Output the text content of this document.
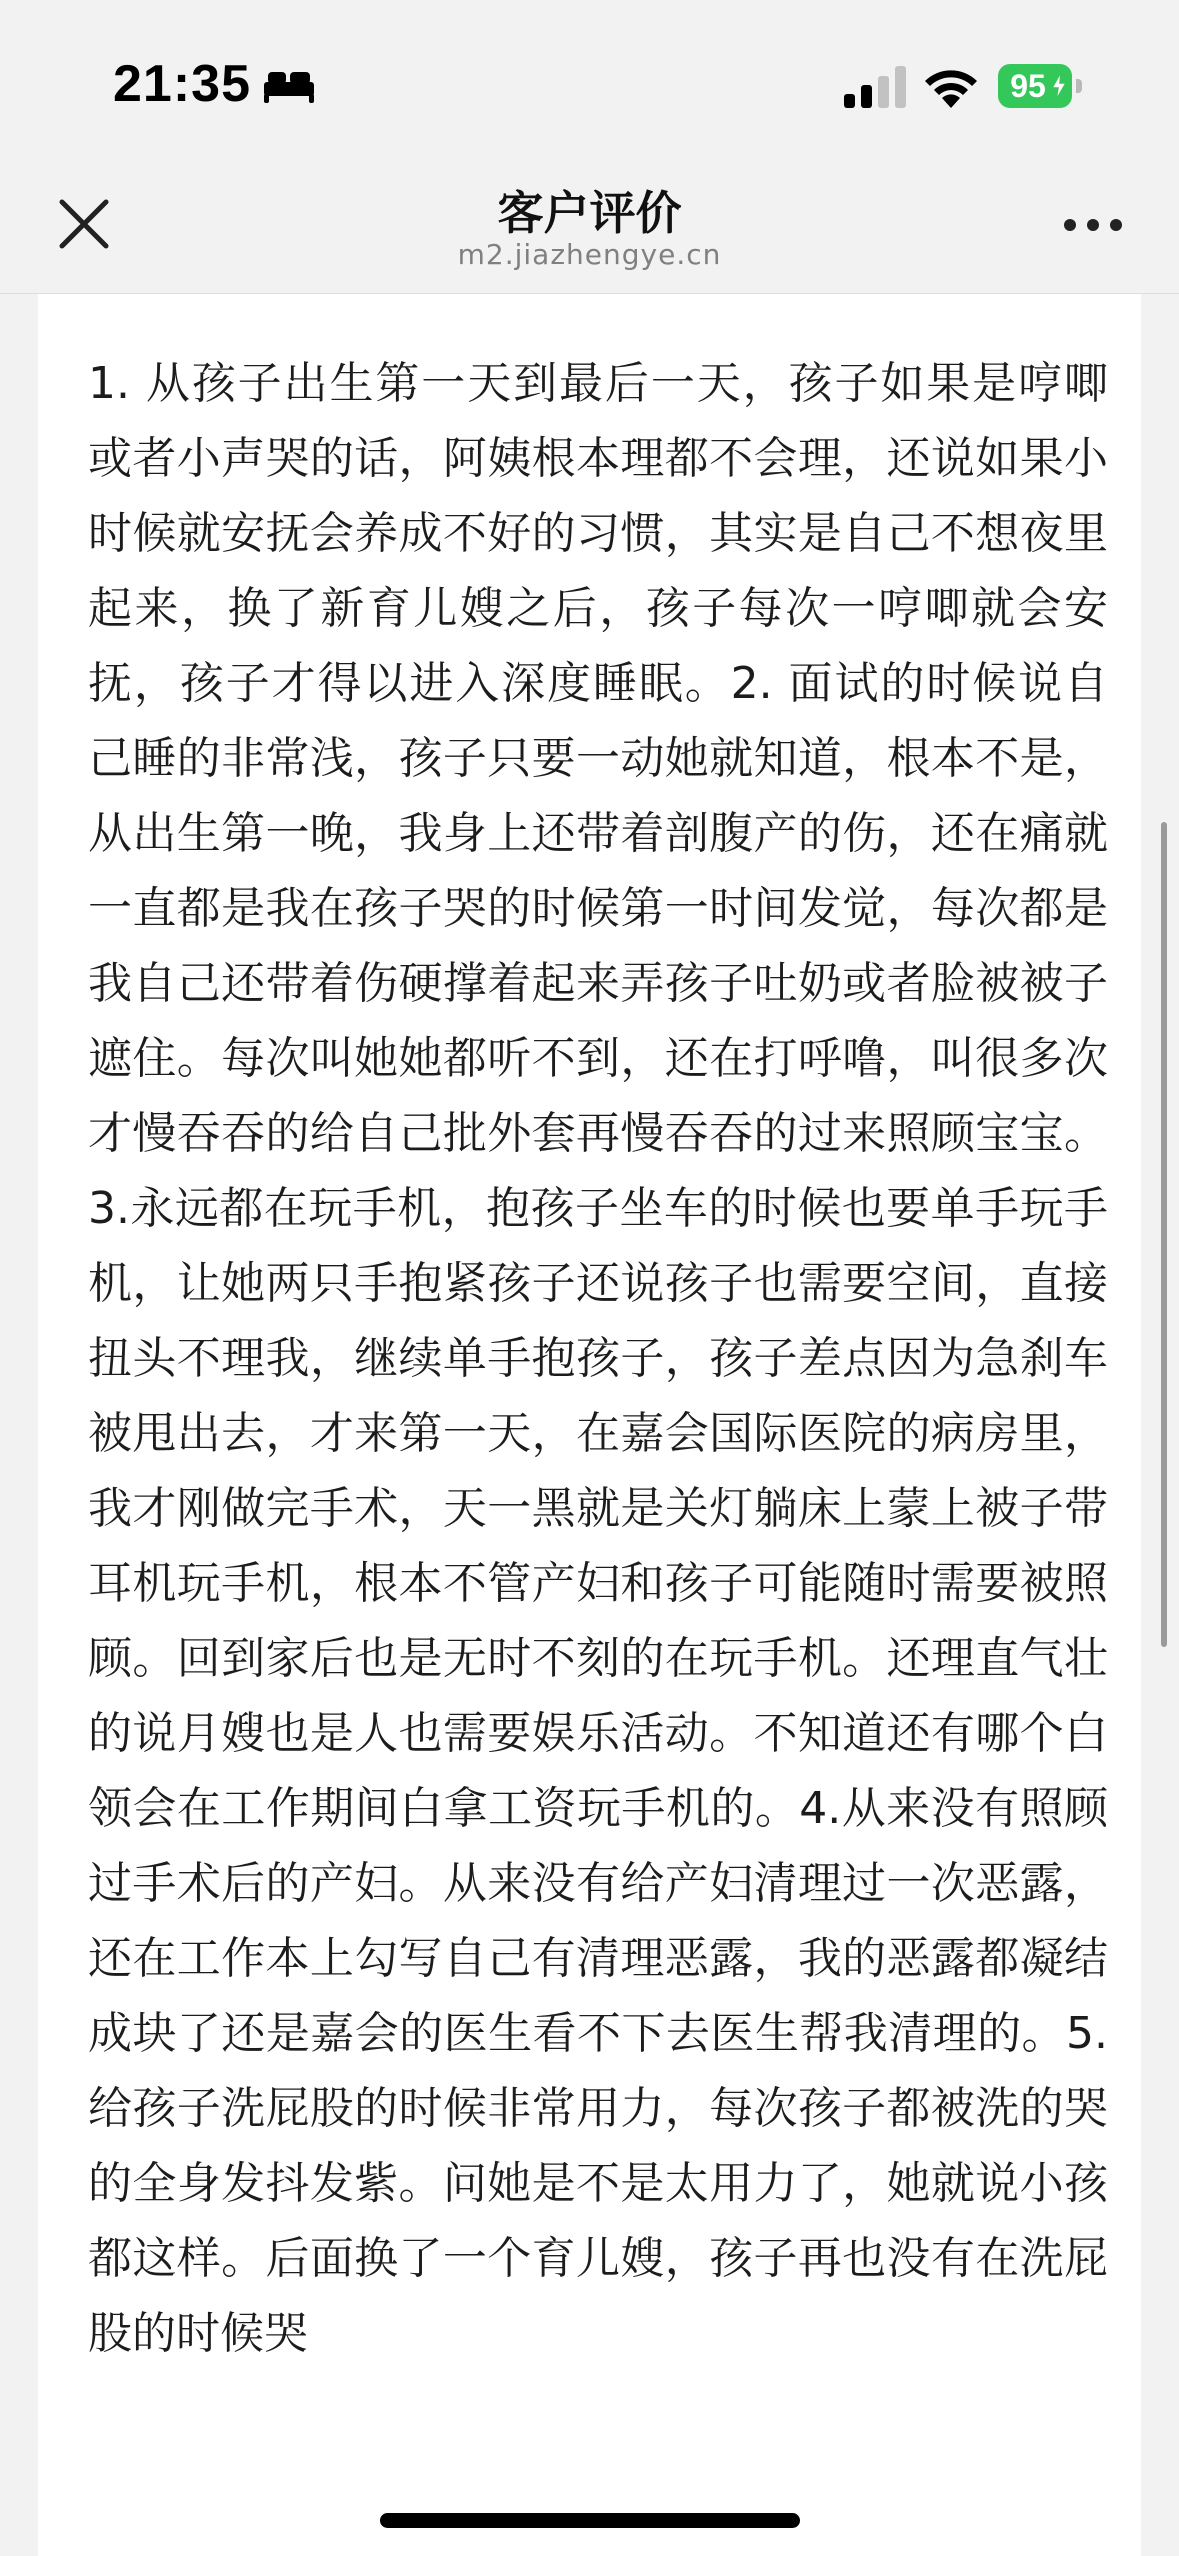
21:35	95
客户评价
m2.jiazhengye.cn

1. 从孩子出生第一天到最后一天，孩子如果是哼唧或者小声哭的话，阿姨根本理都不会理，还说如果小时候就安抚会养成不好的习惯，其实是自己不想夜里起来，换了新育儿嫂之后，孩子每次一哼唧就会安抚，孩子才得以进入深度睡眠。2. 面试的时候说自己睡的非常浅，孩子只要一动她就知道，根本不是，从出生第一晚，我身上还带着剖腹产的伤，还在痛就一直都是我在孩子哭的时候第一时间发觉，每次都是我自己还带着伤硬撑着起来弄孩子吐奶或者脸被被子遮住。每次叫她她都听不到，还在打呼噜，叫很多次才慢吞吞的给自己批外套再慢吞吞的过来照顾宝宝。3.永远都在玩手机，抱孩子坐车的时候也要单手玩手机，让她两只手抱紧孩子还说孩子也需要空间，直接扭头不理我，继续单手抱孩子，孩子差点因为急刹车被甩出去，才来第一天，在嘉会国际医院的病房里，我才刚做完手术，天一黑就是关灯躺床上蒙上被子带耳机玩手机，根本不管产妇和孩子可能随时需要被照顾。回到家后也是无时不刻的在玩手机。还理直气壮的说月嫂也是人也需要娱乐活动。不知道还有哪个白领会在工作期间白拿工资玩手机的。4.从来没有照顾过手术后的产妇。从来没有给产妇清理过一次恶露，还在工作本上勾写自己有清理恶露，我的恶露都凝结成块了还是嘉会的医生看不下去医生帮我清理的。5.给孩子洗屁股的时候非常用力，每次孩子都被洗的哭的全身发抖发紫。问她是不是太用力了，她就说小孩都这样。后面换了一个育儿嫂，孩子再也没有在洗屁股的时候哭
